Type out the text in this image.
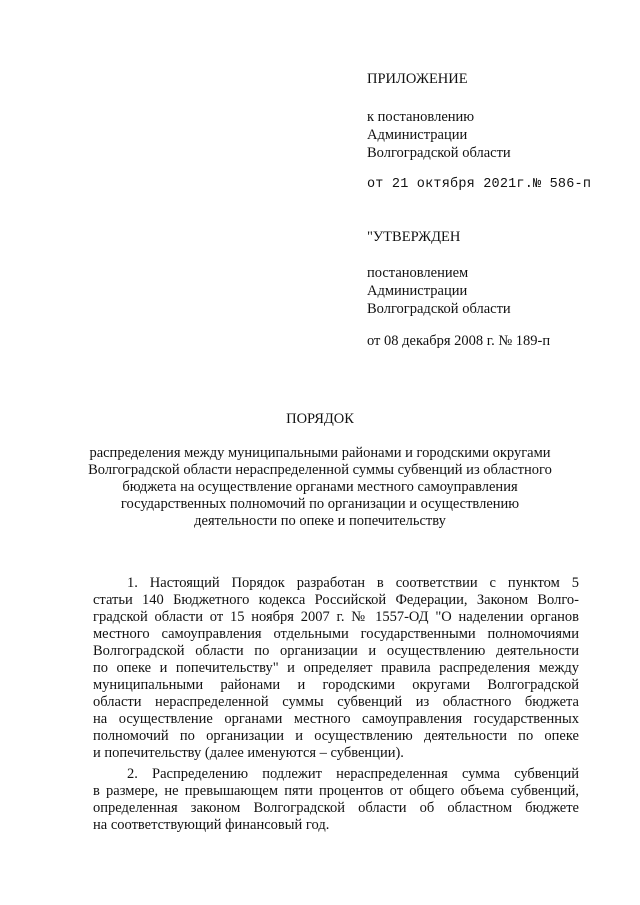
ПРИЛОЖЕНИЕ
к постановлению
Администрации
Волгоградской области
от 21 октября 2021г.№ 586-п
"УТВЕРЖДЕН
постановлением
Администрации
Волгоградской области
от 08 декабря 2008 г. № 189-п
ПОРЯДОК
распределения между муниципальными районами и городскими округами
Волгоградской области нераспределенной суммы субвенций из областного
бюджета на осуществление органами местного самоуправления
государственных полномочий по организации и осуществлению
деятельности по опеке и попечительству
1. Настоящий Порядок разработан в соответствии с пунктом 5
статьи 140 Бюджетного кодекса Российской Федерации, Законом Волго-
градской области от 15 ноября 2007 г. № 1557-ОД "О наделении органов
местного самоуправления отдельными государственными полномочиями
Волгоградской области по организации и осуществлению деятельности
по опеке и попечительству" и определяет правила распределения между
муниципальными районами и городскими округами Волгоградской
области нераспределенной суммы субвенций из областного бюджета
на осуществление органами местного самоуправления государственных
полномочий по организации и осуществлению деятельности по опеке
и попечительству (далее именуются – субвенции).
2. Распределению подлежит нераспределенная сумма субвенций
в размере, не превышающем пяти процентов от общего объема субвенций,
определенная законом Волгоградской области об областном бюджете
на соответствующий финансовый год.
